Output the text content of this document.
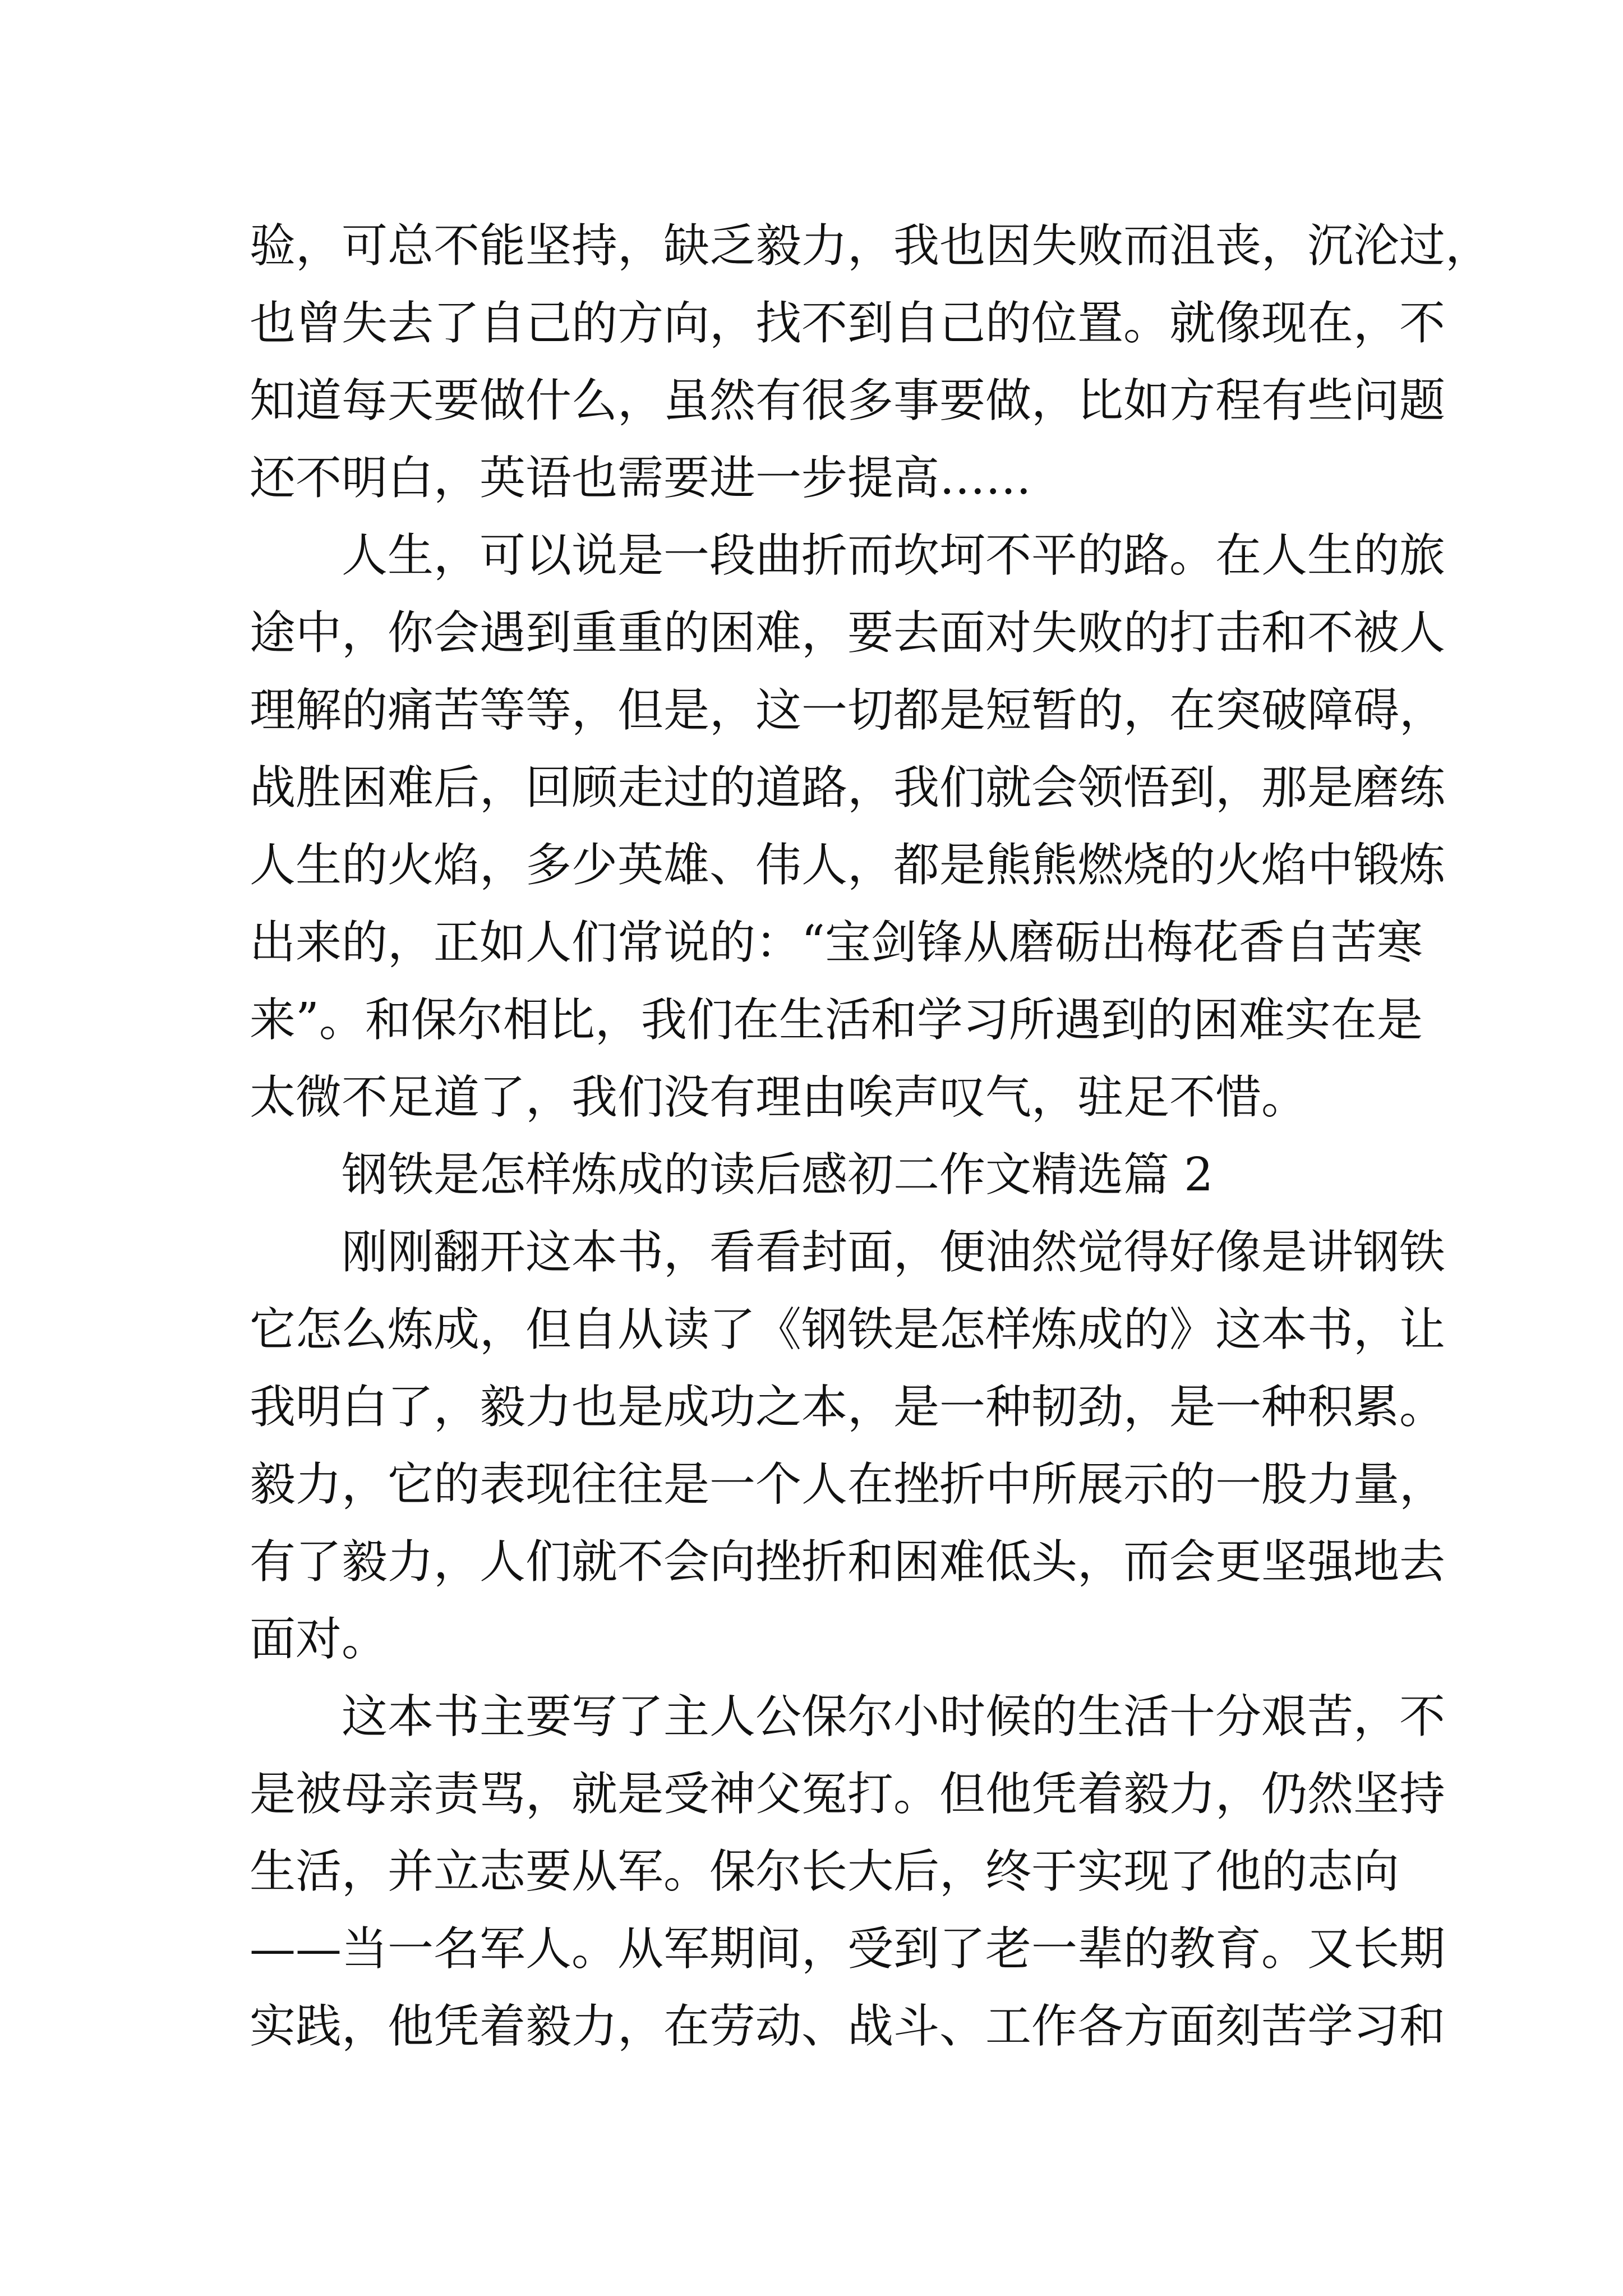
验，可总不能坚持，缺乏毅力，我也因失败而沮丧，沉沦过，
也曾失去了自己的方向，找不到自己的位置。就像现在，不
知道每天要做什么，虽然有很多事要做，比如方程有些问题
还不明白，英语也需要进一步提高……
人生，可以说是一段曲折而坎坷不平的路。在人生的旅
途中，你会遇到重重的困难，要去面对失败的打击和不被人
理解的痛苦等等，但是，这一切都是短暂的，在突破障碍，
战胜困难后，回顾走过的道路，我们就会领悟到，那是磨练
人生的火焰，多少英雄、伟人，都是熊熊燃烧的火焰中锻炼
出来的，正如人们常说的：“宝剑锋从磨砺出梅花香自苦寒
来”。和保尔相比，我们在生活和学习所遇到的困难实在是
太微不足道了，我们没有理由唉声叹气，驻足不惜。
钢铁是怎样炼成的读后感初二作文精选篇 2
刚刚翻开这本书，看看封面，便油然觉得好像是讲钢铁
它怎么炼成，但自从读了《钢铁是怎样炼成的》这本书，让
我明白了，毅力也是成功之本，是一种韧劲，是一种积累。
毅力，它的表现往往是一个人在挫折中所展示的一股力量，
有了毅力，人们就不会向挫折和困难低头，而会更坚强地去
面对。
这本书主要写了主人公保尔小时候的生活十分艰苦，不
是被母亲责骂，就是受神父冤打。但他凭着毅力，仍然坚持
生活，并立志要从军。保尔长大后，终于实现了他的志向
——当一名军人。从军期间，受到了老一辈的教育。又长期
实践，他凭着毅力，在劳动、战斗、工作各方面刻苦学习和
